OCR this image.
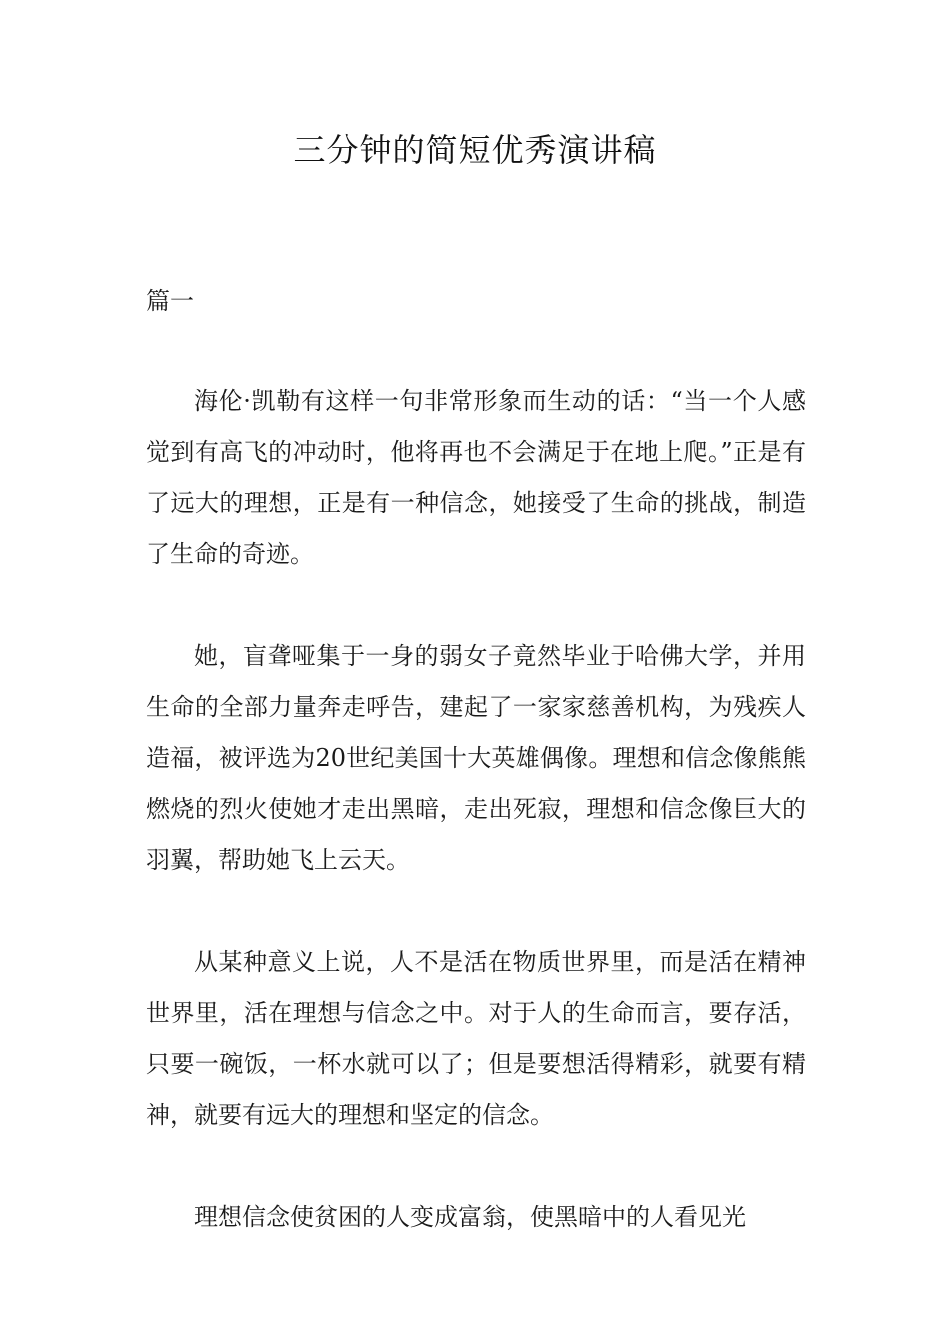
三分钟的简短优秀演讲稿

篇一

海伦·凯勒有这样一句非常形象而生动的话：“当一个人感觉到有高飞的冲动时，他将再也不会满足于在地上爬。”正是有了远大的理想，正是有一种信念，她接受了生命的挑战，制造了生命的奇迹。

她，盲聋哑集于一身的弱女子竟然毕业于哈佛大学，并用生命的全部力量奔走呼告，建起了一家家慈善机构，为残疾人造福，被评选为20世纪美国十大英雄偶像。理想和信念像熊熊燃烧的烈火使她才走出黑暗，走出死寂，理想和信念像巨大的羽翼，帮助她飞上云天。

从某种意义上说，人不是活在物质世界里，而是活在精神世界里，活在理想与信念之中。对于人的生命而言，要存活，只要一碗饭，一杯水就可以了；但是要想活得精彩，就要有精神，就要有远大的理想和坚定的信念。

理想信念使贫困的人变成富翁，使黑暗中的人看见光
